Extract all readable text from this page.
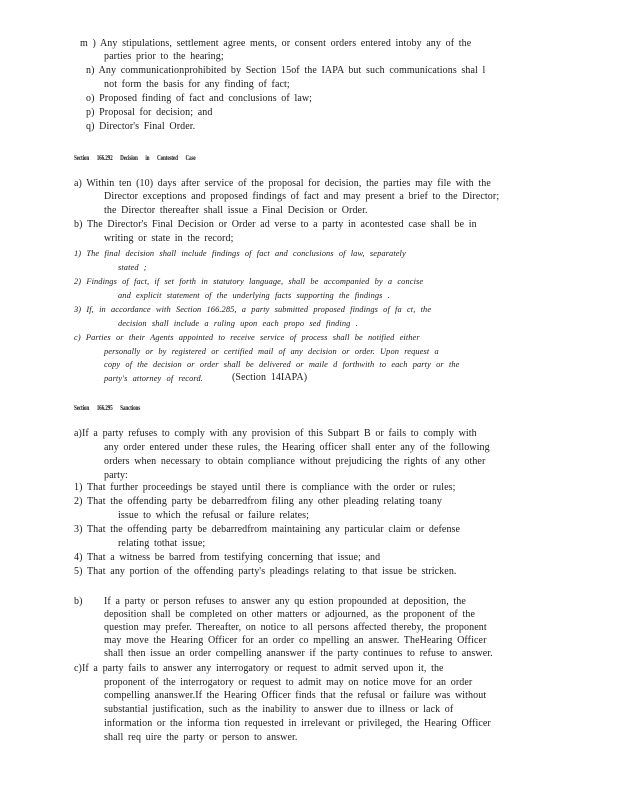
m ) Any stipulations, settlement agree ments, or consent orders entered intoby any of the
parties prior to the hearing;
n) Any communicationprohibited by Section 15of the IAPA but such communications shal l
not form the basis for any finding of fact;
o) Proposed finding of fact and conclusions of law;
p) Proposal for decision; and
q) Director's Final Order.
Section 166.292 Decision in Contested Case
a) Within ten (10) days after service of the proposal for decision, the parties may file with the
Director exceptions and proposed findings of fact and may present a brief to the Director;
the Director thereafter shall issue a Final Decision or Order.
b) The Director's Final Decision or Order ad verse to a party in acontested case shall be in
writing or state in the record;
1) The final decision shall include findings of fact and conclusions of law, separately
stated ;
2) Findings of fact, if set forth in statutory language, shall be accompanied by a concise
and explicit statement of the underlying facts supporting the findings .
3) If, in accordance with Section 166.285, a party submitted proposed findings of fa ct, the
decision shall include a ruling upon each propo sed finding .
c) Parties or their Agents appointed to receive service of process shall be notified either
personally or by registered or certified mail of any decision or order. Upon request a
copy of the decision or order shall be delivered or maile d forthwith to each party or the
party's attorney of record.	(Section 14IAPA)
Section 166.295 Sanctions
a)If a party refuses to comply with any provision of this Subpart B or fails to comply with
any order entered under these rules, the Hearing officer shall enter any of the following
orders when necessary to obtain compliance without prejudicing the rights of any other
party:
1) That further proceedings be stayed until there is compliance with the order or rules;
2) That the offending party be debarredfrom filing any other pleading relating toany
issue to which the refusal or failure relates;
3) That the offending party be debarredfrom maintaining any particular claim or defense
relating tothat issue;
4) That a witness be barred from testifying concerning that issue; and
5) That any portion of the offending party's pleadings relating to that issue be stricken.
b) If a party or person refuses to answer any qu estion propounded at deposition, the
deposition shall be completed on other matters or adjourned, as the proponent of the
question may prefer. Thereafter, on notice to all persons affected thereby, the proponent
may move the Hearing Officer for an order co mpelling an answer. TheHearing Officer
shall then issue an order compelling ananswer if the party continues to refuse to answer.
c)If a party fails to answer any interrogatory or request to admit served upon it, the
proponent of the interrogatory or request to admit may on notice move for an order
compelling ananswer.If the Hearing Officer finds that the refusal or failure was without
substantial justification, such as the inability to answer due to illness or lack of
information or the informa tion requested in irrelevant or privileged, the Hearing Officer
shall req uire the party or person to answer.
